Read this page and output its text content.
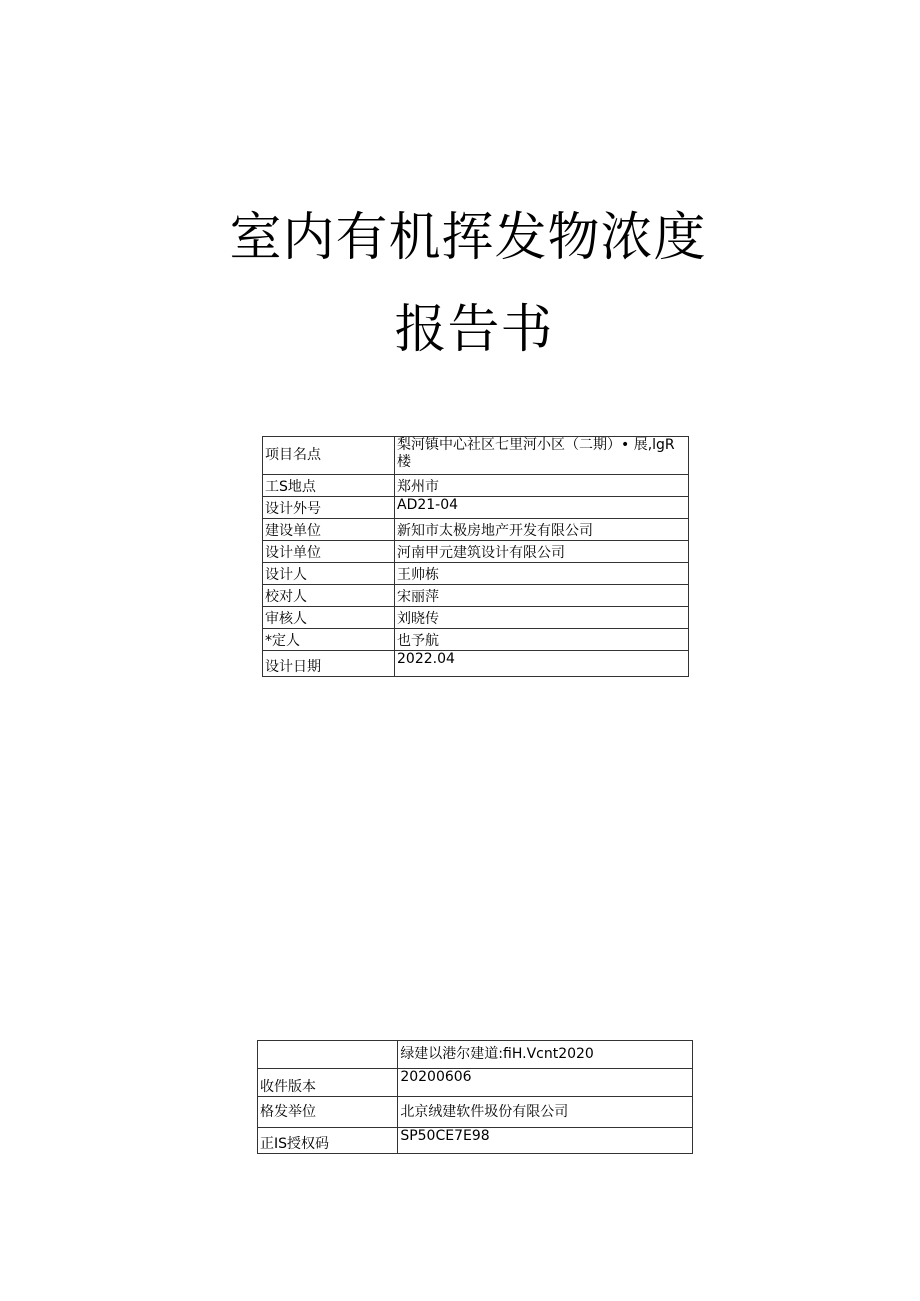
室内有机挥发物浓度
报告书
项目名点	梨河镇中心社区七里河小区（二期）• 展,lgR楼
工S地点	郑州市
设计外号	AD21-04
建设单位	新知市太极房地产开发有限公司
设计单位	河南甲元建筑设计有限公司
设计人	王帅栋
校对人	宋丽萍
审核人	刘晓传
*定人	也予航
设计日期	2022.04
	绿建以港尔建道:fiH.Vcnt2020
收件版本	20200606
格发举位	北京绒建软件圾份有限公司
正IS授权码	SP50CE7E98
